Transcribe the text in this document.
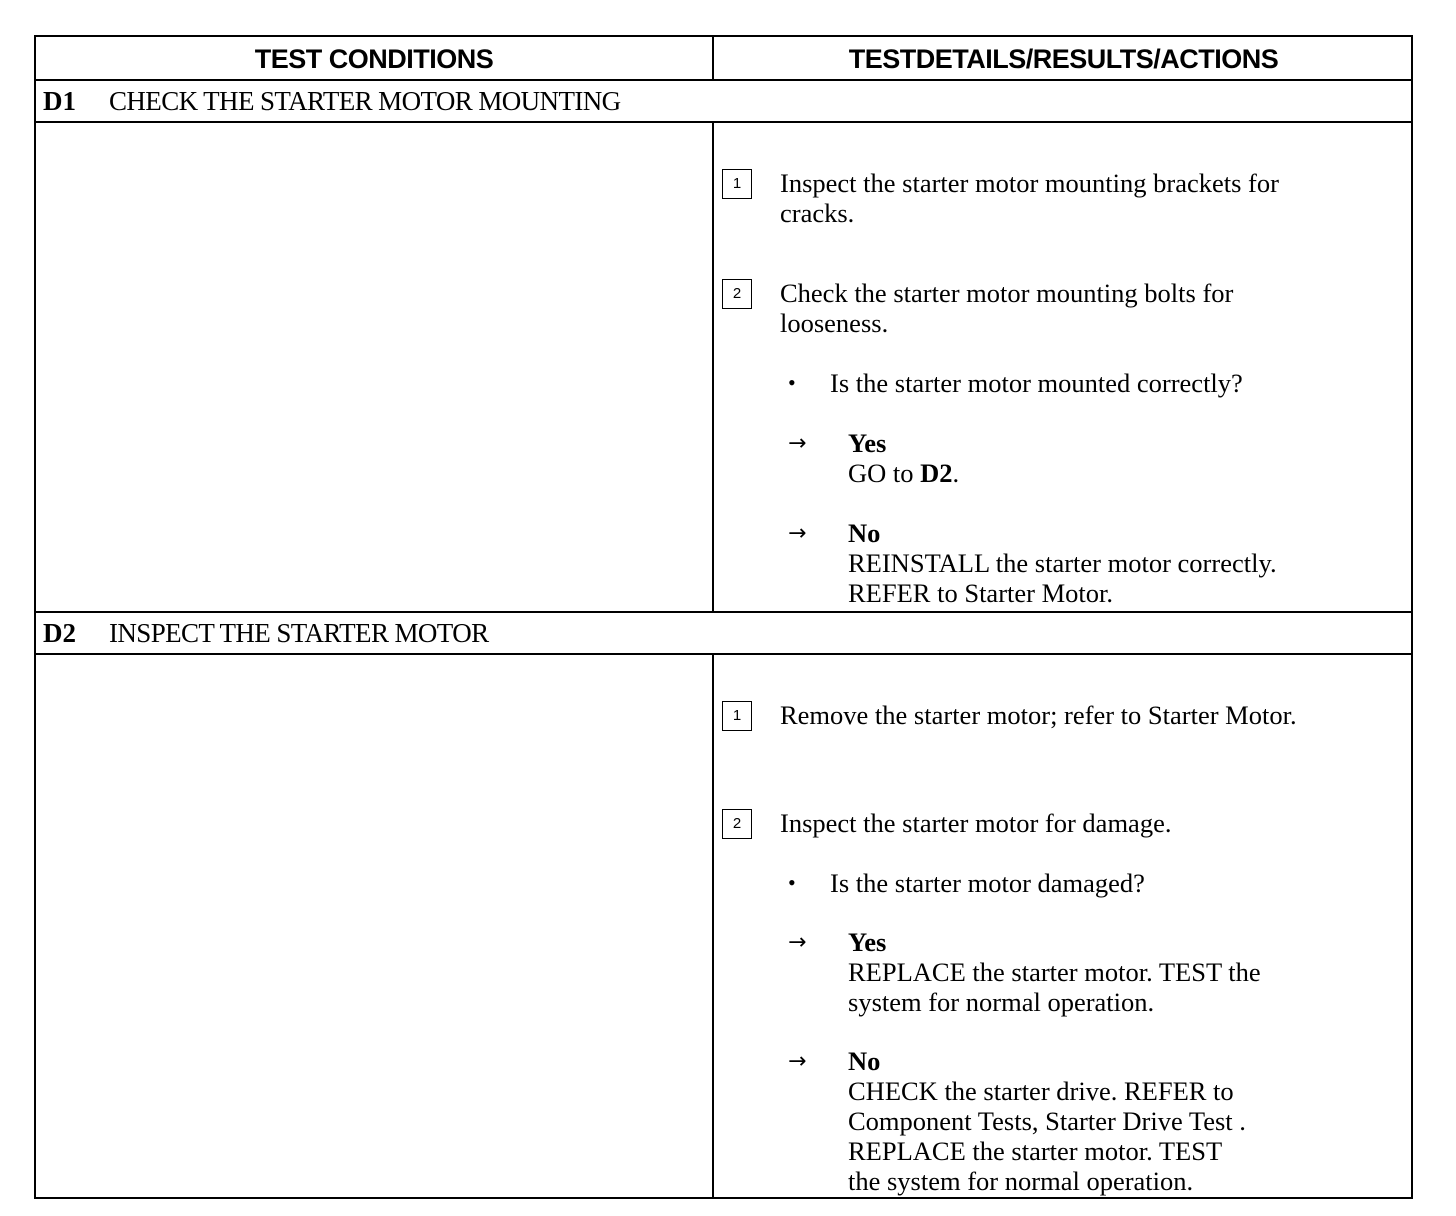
TEST CONDITIONS	TESTDETAILS/RESULTS/ACTIONS
D1 CHECK THE STARTER MOTOR MOUNTING
1	Inspect the starter motor mounting brackets for
cracks.
2	Check the starter motor mounting bolts for
looseness.
• Is the starter motor mounted correctly?
→ Yes
GO to D2.
→ No
REINSTALL the starter motor correctly.
REFER to Starter Motor.
D2 INSPECT THE STARTER MOTOR
1	Remove the starter motor; refer to Starter Motor.
2	Inspect the starter motor for damage.
• Is the starter motor damaged?
→ Yes
REPLACE the starter motor. TEST the
system for normal operation.
→ No
CHECK the starter drive. REFER to
Component Tests, Starter Drive Test .
REPLACE the starter motor. TEST
the system for normal operation.
